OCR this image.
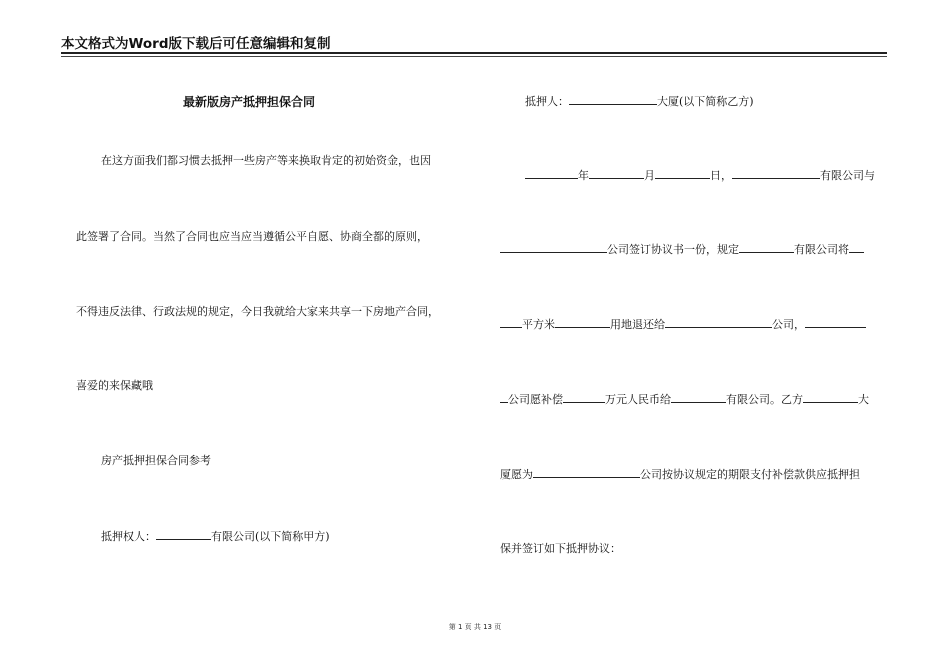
本文格式为Word版下载后可任意编辑和复制
最新版房产抵押担保合同
在这方面我们都习惯去抵押一些房产等来换取肯定的初始资金，也因
此签署了合同。当然了合同也应当应当遵循公平自愿、协商全都的原则，
不得违反法律、行政法规的规定，今日我就给大家来共享一下房地产合同，
喜爱的来保藏哦
房产抵押担保合同参考
抵押权人：	有限公司(以下简称甲方)
抵押人：	大厦(以下简称乙方)
年	月	日，	有限公司与
公司签订协议书一份，规定	有限公司将
平方米	用地退还给	公司，
公司愿补偿	万元人民币给	有限公司。乙方	大
厦愿为	公司按协议规定的期限支付补偿款供应抵押担
保并签订如下抵押协议：
第 1 页 共 13 页
